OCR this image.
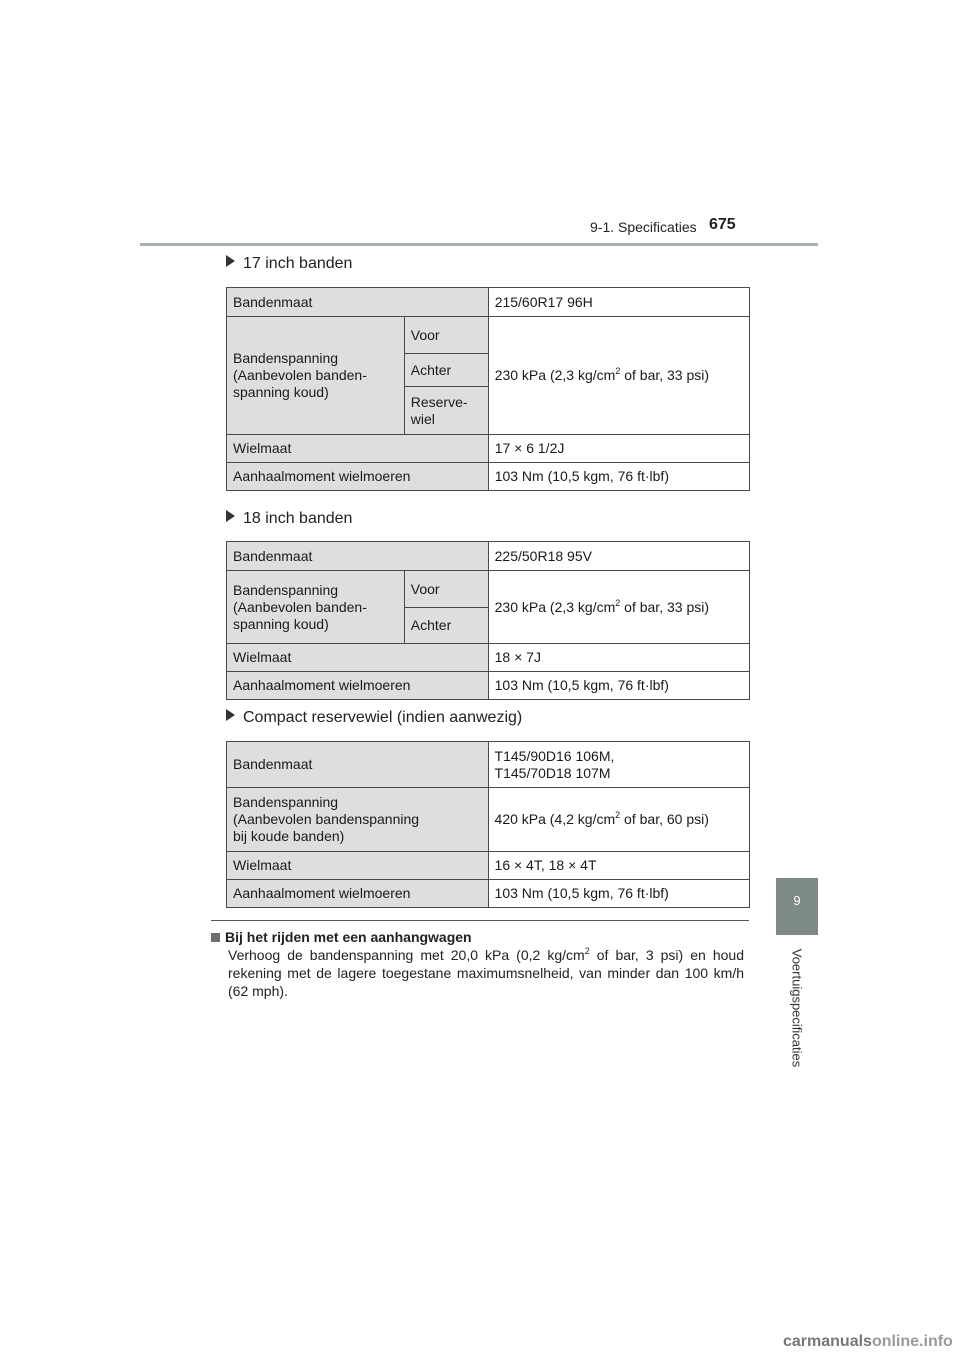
9-1. Specificaties 675
9
Voertuigspecificaties
17 inch banden
Bandenmaat		215/60R17 96H

Bandenspanning
(Aanbevolen banden-
spanning koud)	Voor	230 kPa (2,3 $kg/cm^2$ of bar, 33 psi)
	Achter	

	Reserve-
wiel	

Wielmaat		17 × 6 1/2J
Aanhaalmoment wielmoeren		103 Nm (10,5 kgm, 76 ft·lbf)
18 inch banden
Bandenmaat		225/50R18 95V

Bandenspanning
(Aanbevolen banden-
spanning koud)	Voor	230 kPa (2,3 $kg/cm^2$ of bar, 33 psi)
	Achter	
Wielmaat		18 × 7J
Aanhaalmoment wielmoeren		103 Nm (10,5 kgm, 76 ft·lbf)
Compact reservewiel (indien aanwezig)
Bandenmaat	T145/90D16 106M,
T145/70D18 107M

Bandenspanning
(Aanbevolen bandenspanning
bij koude banden)	420 kPa (4,2 $kg/cm^2$ of bar, 60 psi)
Wielmaat	16 × 4T, 18 × 4T
Aanhaalmoment wielmoeren	103 Nm (10,5 kgm, 76 ft·lbf)
Bij het rijden met een aanhangwagen
Verhoog de bandenspanning met 20,0 kPa (0,2 $kg/cm^2$ of bar, 3 psi) en houd rekening met de lagere toegestane maximumsnelheid, van minder dan 100 km/h (62 mph).
carmanualsonline.info
